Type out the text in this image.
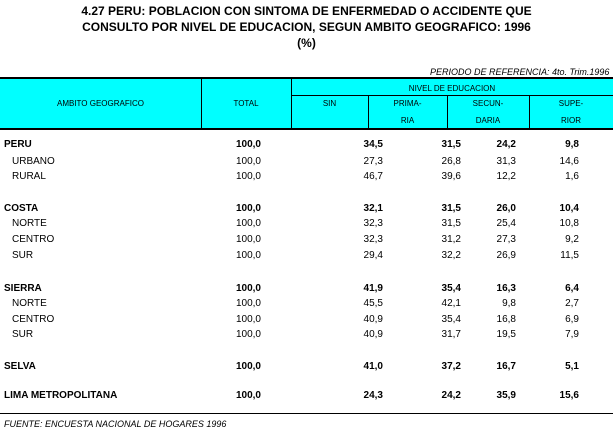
4.27 PERU: POBLACION CON SINTOMA DE ENFERMEDAD O ACCIDENTE QUE
CONSULTO POR NIVEL DE EDUCACION, SEGUN AMBITO GEOGRAFICO: 1996
(%)
PERIODO DE REFERENCIA: 4to. Trim.1996
AMBITO GEOGRAFICO	TOTAL
NIVEL DE EDUCACION
SIN	PRIMA-
RIA
SECUN-
DARIA
SUPE-
RIOR
PERU	100,0	34,5	31,5	24,2	9,8
URBANO	100,0	27,3	26,8	31,3	14,6
RURAL	100,0	46,7	39,6	12,2	1,6
COSTA	100,0	32,1	31,5	26,0	10,4
NORTE	100,0	32,3	31,5	25,4	10,8
CENTRO	100,0	32,3	31,2	27,3	9,2
SUR	100,0	29,4	32,2	26,9	11,5
SIERRA	100,0	41,9	35,4	16,3	6,4
NORTE	100,0	45,5	42,1	9,8	2,7
CENTRO	100,0	40,9	35,4	16,8	6,9
SUR	100,0	40,9	31,7	19,5	7,9
SELVA	100,0	41,0	37,2	16,7	5,1
LIMA METROPOLITANA	100,0	24,3	24,2	35,9	15,6
FUENTE: ENCUESTA NACIONAL DE HOGARES 1996
